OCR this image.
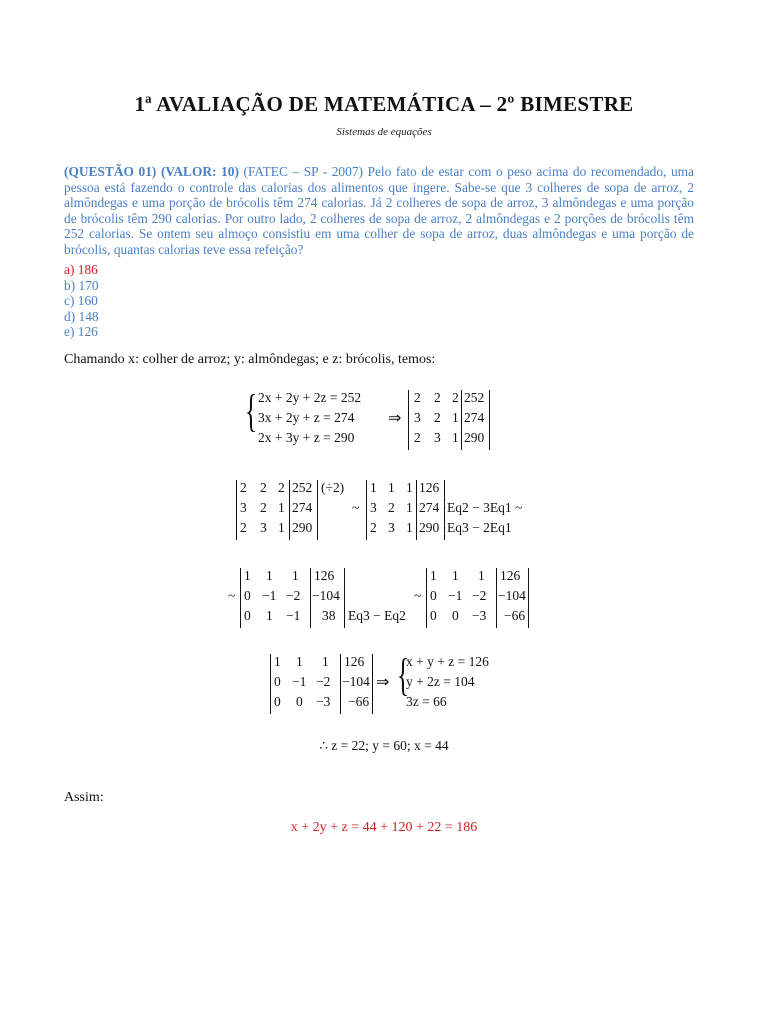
1ª AVALIAÇÃO DE MATEMÁTICA – 2º BIMESTRE
Sistemas de equações
(QUESTÃO 01) (VALOR: 10) (FATEC – SP - 2007) Pelo fato de estar com o peso acima do recomendado, uma pessoa está fazendo o controle das calorias dos alimentos que ingere. Sabe-se que 3 colheres de sopa de arroz, 2 almôndegas e uma porção de brócolis têm 274 calorias. Já 2 colheres de sopa de arroz, 3 almôndegas e uma porção de brócolis têm 290 calorias. Por outro lado, 2 colheres de sopa de arroz, 2 almôndegas e 2 porções de brócolis têm 252 calorias. Se ontem seu almoço consistiu em uma colher de sopa de arroz, duas almôndegas e uma porção de brócolis, quantas calorias teve essa refeição?
a) 186
b) 170
c) 160
d) 148
e) 126
Chamando x: colher de arroz; y: almôndegas; e z: brócolis, temos:
{ 2x + 2y + 2z = 252
3x + 2y + z = 274
2x + 3y + z = 290
⇒
2 2 2 252
3 2 1 274
2 3 1 290
2 2 2 252
3 2 1 274
2 3 1 290
(÷2)
~
1 1 1 126
3 2 1 274
2 3 1 290
Eq2 − 3Eq1 ~
Eq3 − 2Eq1
~
1 1 1 126
0 −1 −2 −104
0 1 −1 38 Eq3 − Eq2
~
1 1 1 126
0 −1 −2 −104
0 0 −3 −66
1 1 1 126
0 −1 −2 −104
0 0 −3 −66
⇒ {
x + y + z = 126
y + 2z = 104
3z = 66
∴ z = 22; y = 60; x = 44
Assim:
x + 2y + z = 44 + 120 + 22 = 186
